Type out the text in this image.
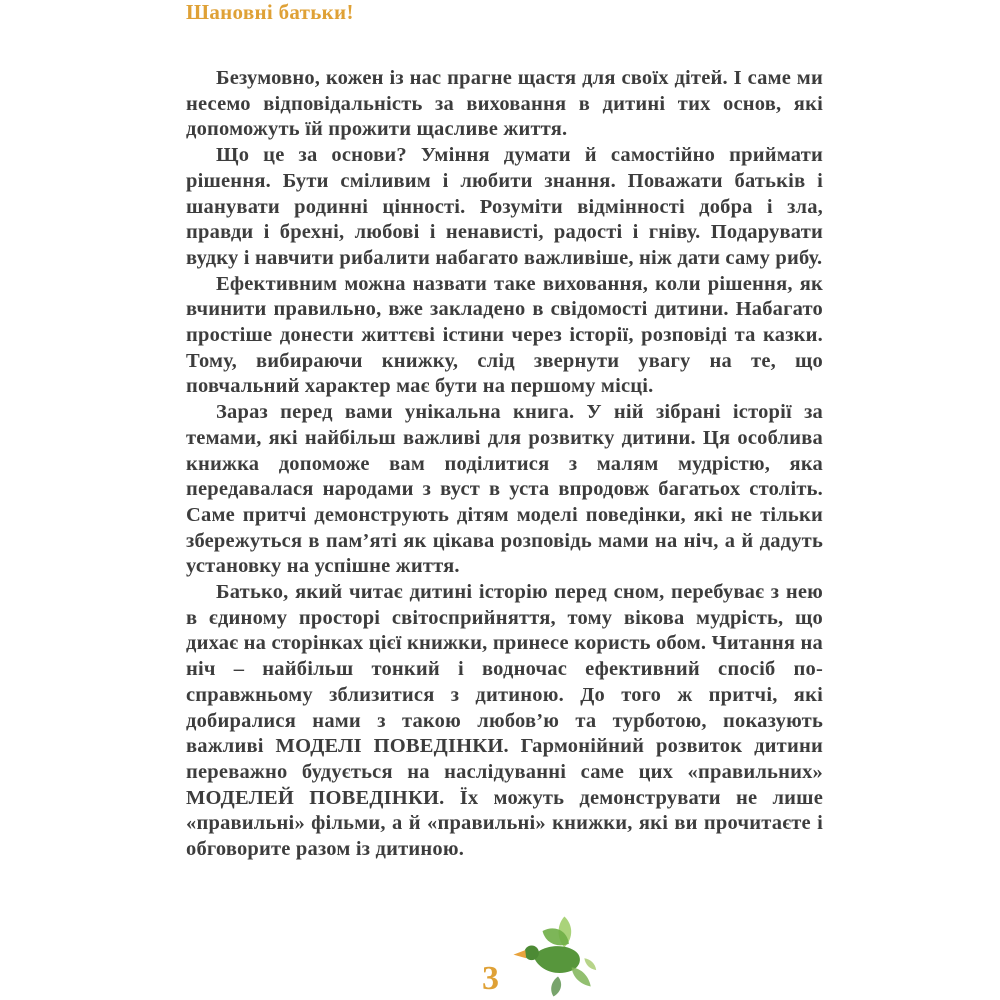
Шановні батьки!

Безумовно, кожен із нас прагне щастя для своїх дітей. І саме ми несемо відповідальність за виховання в дитині тих основ, які допоможуть їй прожити щасливе життя.

Що це за основи? Уміння думати й самостійно приймати рішення. Бути сміливим і любити знання. Поважати батьків і шанувати родинні цінності. Розуміти відмінності добра і зла, правди і брехні, любові і ненависті, радості і гніву. Подарувати вудку і навчити рибалити набагато важливіше, ніж дати саму рибу.

Ефективним можна назвати таке виховання, коли рішення, як вчинити правильно, вже закладено в свідомості дитини. Набагато простіше донести життєві істини через історії, розповіді та казки. Тому, вибираючи книжку, слід звернути увагу на те, що повчальний характер має бути на першому місці.

Зараз перед вами унікальна книга. У ній зібрані історії за темами, які найбільш важливі для розвитку дитини. Ця особлива книжка допоможе вам поділитися з малям мудрістю, яка передавалася народами з вуст в уста впродовж багатьох століть. Саме притчі демонструють дітям моделі поведінки, які не тільки збережуться в пам’яті як цікава розповідь мами на ніч, а й дадуть установку на успішне життя.

Батько, який читає дитині історію перед сном, перебуває з нею в єдиному просторі світосприйняття, тому вікова мудрість, що дихає на сторінках цієї книжки, принесе користь обом. Читання на ніч – найбільш тонкий і водночас ефективний спосіб по-справжньому зблизитися з дитиною. До того ж притчі, які добиралися нами з такою любов’ю та турботою, показують важливі МОДЕЛІ ПОВЕДІНКИ. Гармонійний розвиток дитини переважно будується на наслідуванні саме цих «правильних» МОДЕЛЕЙ ПОВЕДІНКИ. Їх можуть демонструвати не лише «правильні» фільми, а й «правильні» книжки, які ви прочитаєте і обговорите разом із дитиною.

3
